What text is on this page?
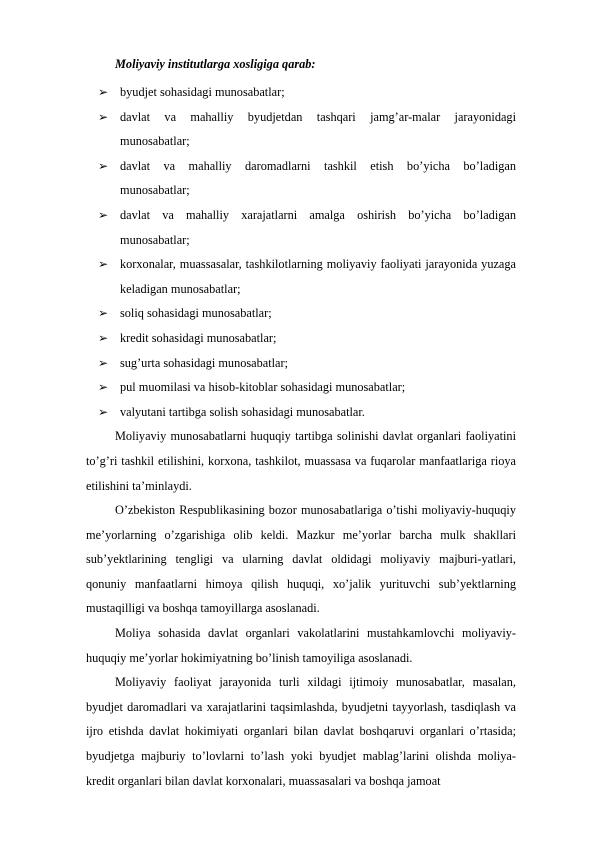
Moliyaviy institutlarga xosligiga qarab:
➢ byudjet sohasidagi munosabatlar;
➢ davlat va mahalliy byudjetdan tashqari jamg’ar-malar jarayonidagi munosabatlar;
➢ davlat va mahalliy daromadlarni tashkil etish bo’yicha bo’ladigan munosabatlar;
➢ davlat va mahalliy xarajatlarni amalga oshirish bo’yicha bo’ladigan munosabatlar;
➢ korxonalar, muassasalar, tashkilotlarning moliyaviy faoliyati jarayonida yuzaga keladigan munosabatlar;
➢ soliq sohasidagi munosabatlar;
➢ kredit sohasidagi munosabatlar;
➢ sug’urta sohasidagi munosabatlar;
➢ pul muomilasi va hisob-kitoblar sohasidagi munosabatlar;
➢ valyutani tartibga solish sohasidagi munosabatlar.

Moliyaviy munosabatlarni huquqiy tartibga solinishi davlat organlari faoliyatini to’g’ri tashkil etilishini, korxona, tashkilot, muassasa va fuqarolar manfaatlariga rioya etilishini ta’minlaydi.

O’zbekiston Respublikasining bozor munosabatlariga o’tishi moliyaviy-huquqiy me’yorlarning o’zgarishiga olib keldi. Mazkur me’yorlar barcha mulk shakllari sub’yektlarining tengligi va ularning davlat oldidagi moliyaviy majburi-yatlari, qonuniy manfaatlarni himoya qilish huquqi, xo’jalik yurituvchi sub’yektlarning mustaqilligi va boshqa tamoyillarga asoslanadi.

Moliya sohasida davlat organlari vakolatlarini mustahkamlovchi moliyaviy-huquqiy me’yorlar hokimiyatning bo’linish tamoyiliga asoslanadi.

Moliyaviy faoliyat jarayonida turli xildagi ijtimoiy munosabatlar, masalan, byudjet daromadlari va xarajatlarini taqsimlashda, byudjetni tayyorlash, tasdiqlash va ijro etishda davlat hokimiyati organlari bilan davlat boshqaruvi organlari o’rtasida; byudjetga majburiy to’lovlarni to’lash yoki byudjet mablag’larini olishda moliya-kredit organlari bilan davlat korxonalari, muassasalari va boshqa jamoat
